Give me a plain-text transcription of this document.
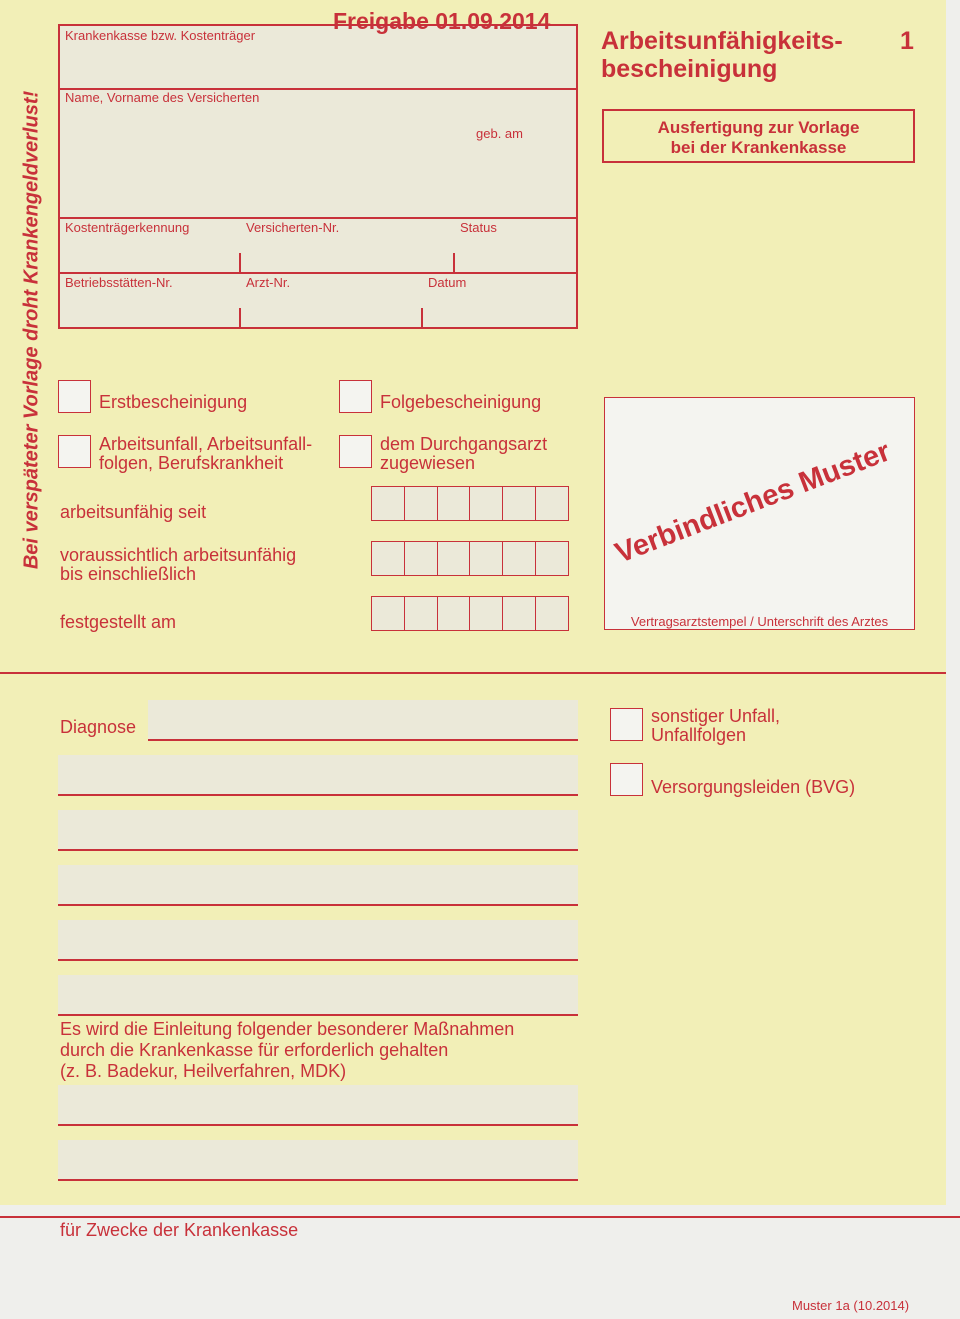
Bei verspäteter Vorlage droht Krankengeldverlust!
Krankenkasse bzw. Kostenträger
Name, Vorname des Versicherten
geb. am
Kostenträgerkennung	Versicherten-Nr.	Status
Betriebsstätten-Nr.	Arzt-Nr.	Datum
Freigabe 01.09.2014
Arbeitsunfähigkeits-
bescheinigung
1
Ausfertigung zur Vorlage
bei der Krankenkasse
Erstbescheinigung	Folgebescheinigung
Arbeitsunfall, Arbeitsunfall-
folgen, Berufskrankheit
dem Durchgangsarzt
zugewiesen
arbeitsunfähig seit
voraussichtlich arbeitsunfähig
bis einschließlich
festgestellt am
Verbindliches Muster
Vertragsarztstempel / Unterschrift des Arztes
Diagnose
Es wird die Einleitung folgender besonderer Maßnahmen
durch die Krankenkasse für erforderlich gehalten
(z. B. Badekur, Heilverfahren, MDK)
sonstiger Unfall,
Unfallfolgen
Versorgungsleiden (BVG)
für Zwecke der Krankenkasse
Muster 1a (10.2014)
